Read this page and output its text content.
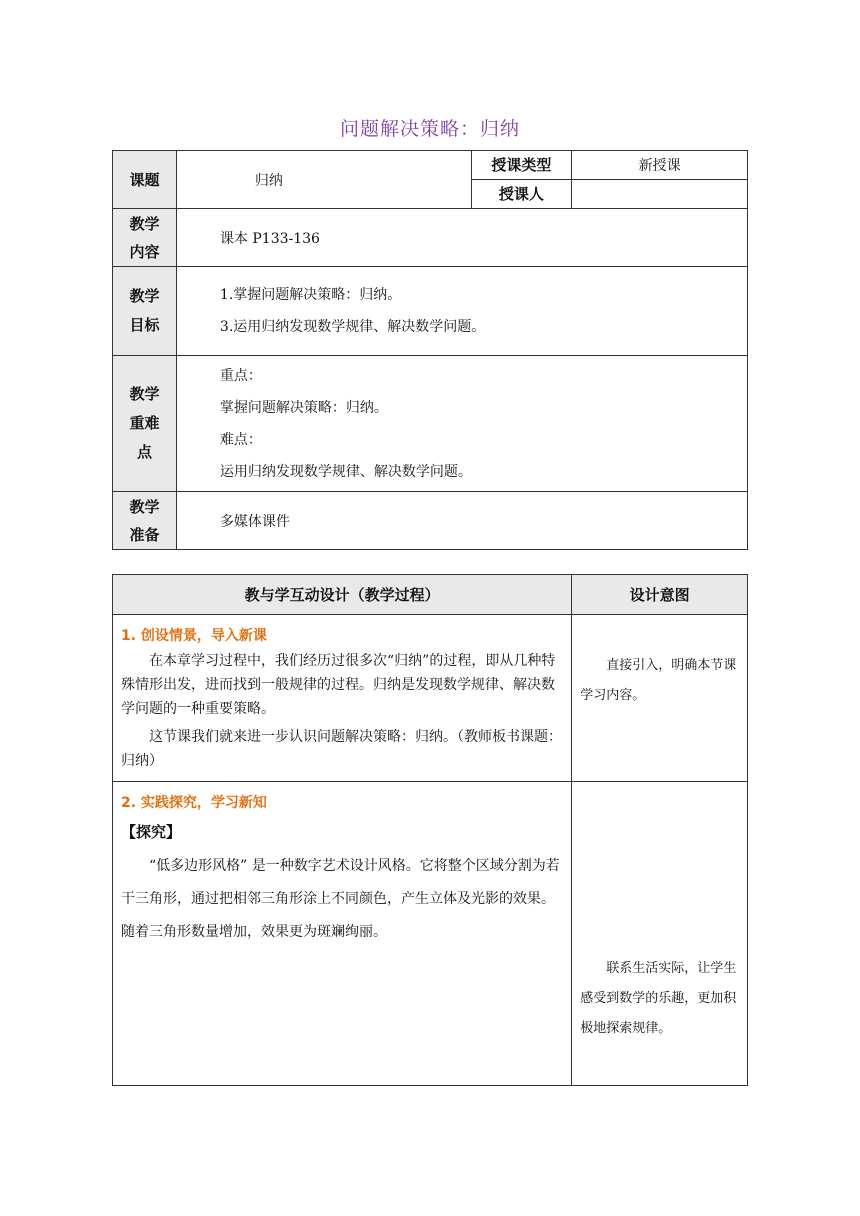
问题解决策略：归纳
课题	归纳	授课类型	新授课
		授课人	

教学内容	课本 P133-136		

教学目标	1.掌握问题解决策略：归纳。
3.运用归纳发现数学规律、解决数学问题。		

教学重难点	重点：
掌握问题解决策略：归纳。
难点：
运用归纳发现数学规律、解决数学问题。		

教学准备	多媒体课件		
教与学互动设计（教学过程）	设计意图

1. 创设情景，导入新课

在本章学习过程中，我们经历过很多次“归纳”的过程，即从几种特殊情形出发，进而找到一般规律的过程。归纳是发现数学规律、解决数学问题的一种重要策略。

这节课我们就来进一步认识问题解决策略：归纳。（教师板书课题：归纳）	直接引入，明确本节课学习内容。

2. 实践探究，学习新知
【探究】

“低多边形风格” 是一种数字艺术设计风格。它将整个区域分割为若干三角形，通过把相邻三角形涂上不同颜色，产生立体及光影的效果。随着三角形数量增加，效果更为斑斓绚丽。	联系生活实际，让学生感受到数学的乐趣，更加积极地探索规律。
